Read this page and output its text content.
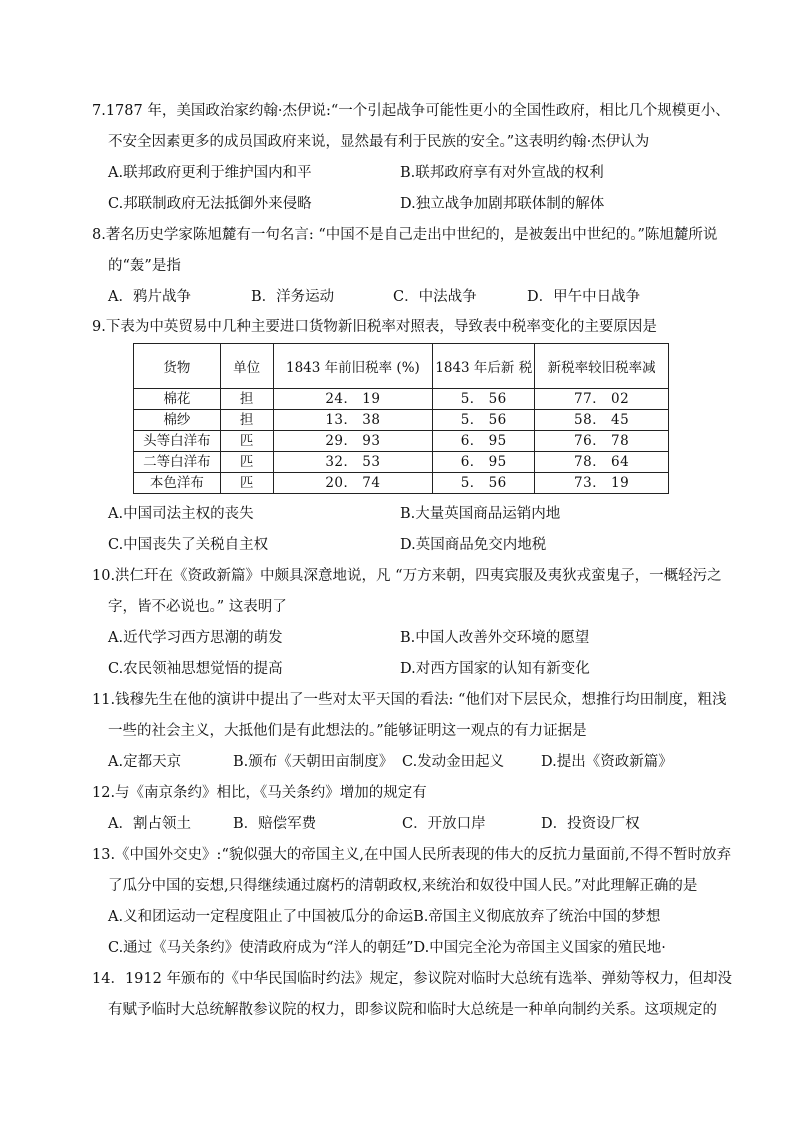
7.1787 年，美国政治家约翰·杰伊说:“一个引起战争可能性更小的全国性政府，相比几个规模更小、
不安全因素更多的成员国政府来说，显然最有利于民族的安全。”这表明约翰·杰伊认为
A.联邦政府更利于维护国内和平	B.联邦政府享有对外宣战的权利
C.邦联制政府无法抵御外来侵略	D.独立战争加剧邦联体制的解体
8.著名历史学家陈旭麓有一句名言: “中国不是自己走出中世纪的，是被轰出中世纪的。”陈旭麓所说
的“轰”是指
A．鸦片战争	B．洋务运动	C．中法战争	D．甲午中日战争
9.下表为中英贸易中几种主要进口货物新旧税率对照表，导致表中税率变化的主要原因是
货物	单位	1843 年前旧税率 (%)	1843 年后新 税	新税率较旧税率减
棉花	担	24． 19	5． 56	77． 02
棉纱	担	13． 38	5． 56	58． 45
头等白洋布	匹	29． 93	6． 95	76． 78
二等白洋布	匹	32． 53	6． 95	78． 64
本色洋布	匹	20． 74	5． 56	73． 19
A.中国司法主权的丧失	B.大量英国商品运销内地
C.中国丧失了关税自主权	D.英国商品免交内地税
10.洪仁玕在《资政新篇》中颇具深意地说，凡 “万方来朝，四夷宾服及夷狄戎蛮鬼子，一概轻污之
字，皆不必说也。” 这表明了
A.近代学习西方思潮的萌发	B.中国人改善外交环境的愿望
C.农民领袖思想觉悟的提高	D.对西方国家的认知有新变化
11.钱穆先生在他的演讲中提出了一些对太平天国的看法: “他们对下层民众，想推行均田制度，粗浅
一些的社会主义，大抵他们是有此想法的。”能够证明这一观点的有力证据是
A.定都天京	B.颁布《天朝田亩制度》 C.发动金田起义	D.提出《资政新篇》
12.与《南京条约》相比，《马关条约》增加的规定有
A．割占领土	B．赔偿军费	C．开放口岸	D．投资设厂权
13.《中国外交史》:“貌似强大的帝国主义,在中国人民所表现的伟大的反抗力量面前,不得不暂时放弃
了瓜分中国的妄想,只得继续通过腐朽的清朝政权,来统治和奴役中国人民。”对此理解正确的是
A.义和团运动一定程度阻止了中国被瓜分的命运B.帝国主义彻底放弃了统治中国的梦想
C.通过《马关条约》使清政府成为“洋人的朝廷”D.中国完全沦为帝国主义国家的殖民地·
14．1912 年颁布的《中华民国临时约法》规定，参议院对临时大总统有选举、弹劾等权力，但却没
有赋予临时大总统解散参议院的权力，即参议院和临时大总统是一种单向制约关系。这项规定的
